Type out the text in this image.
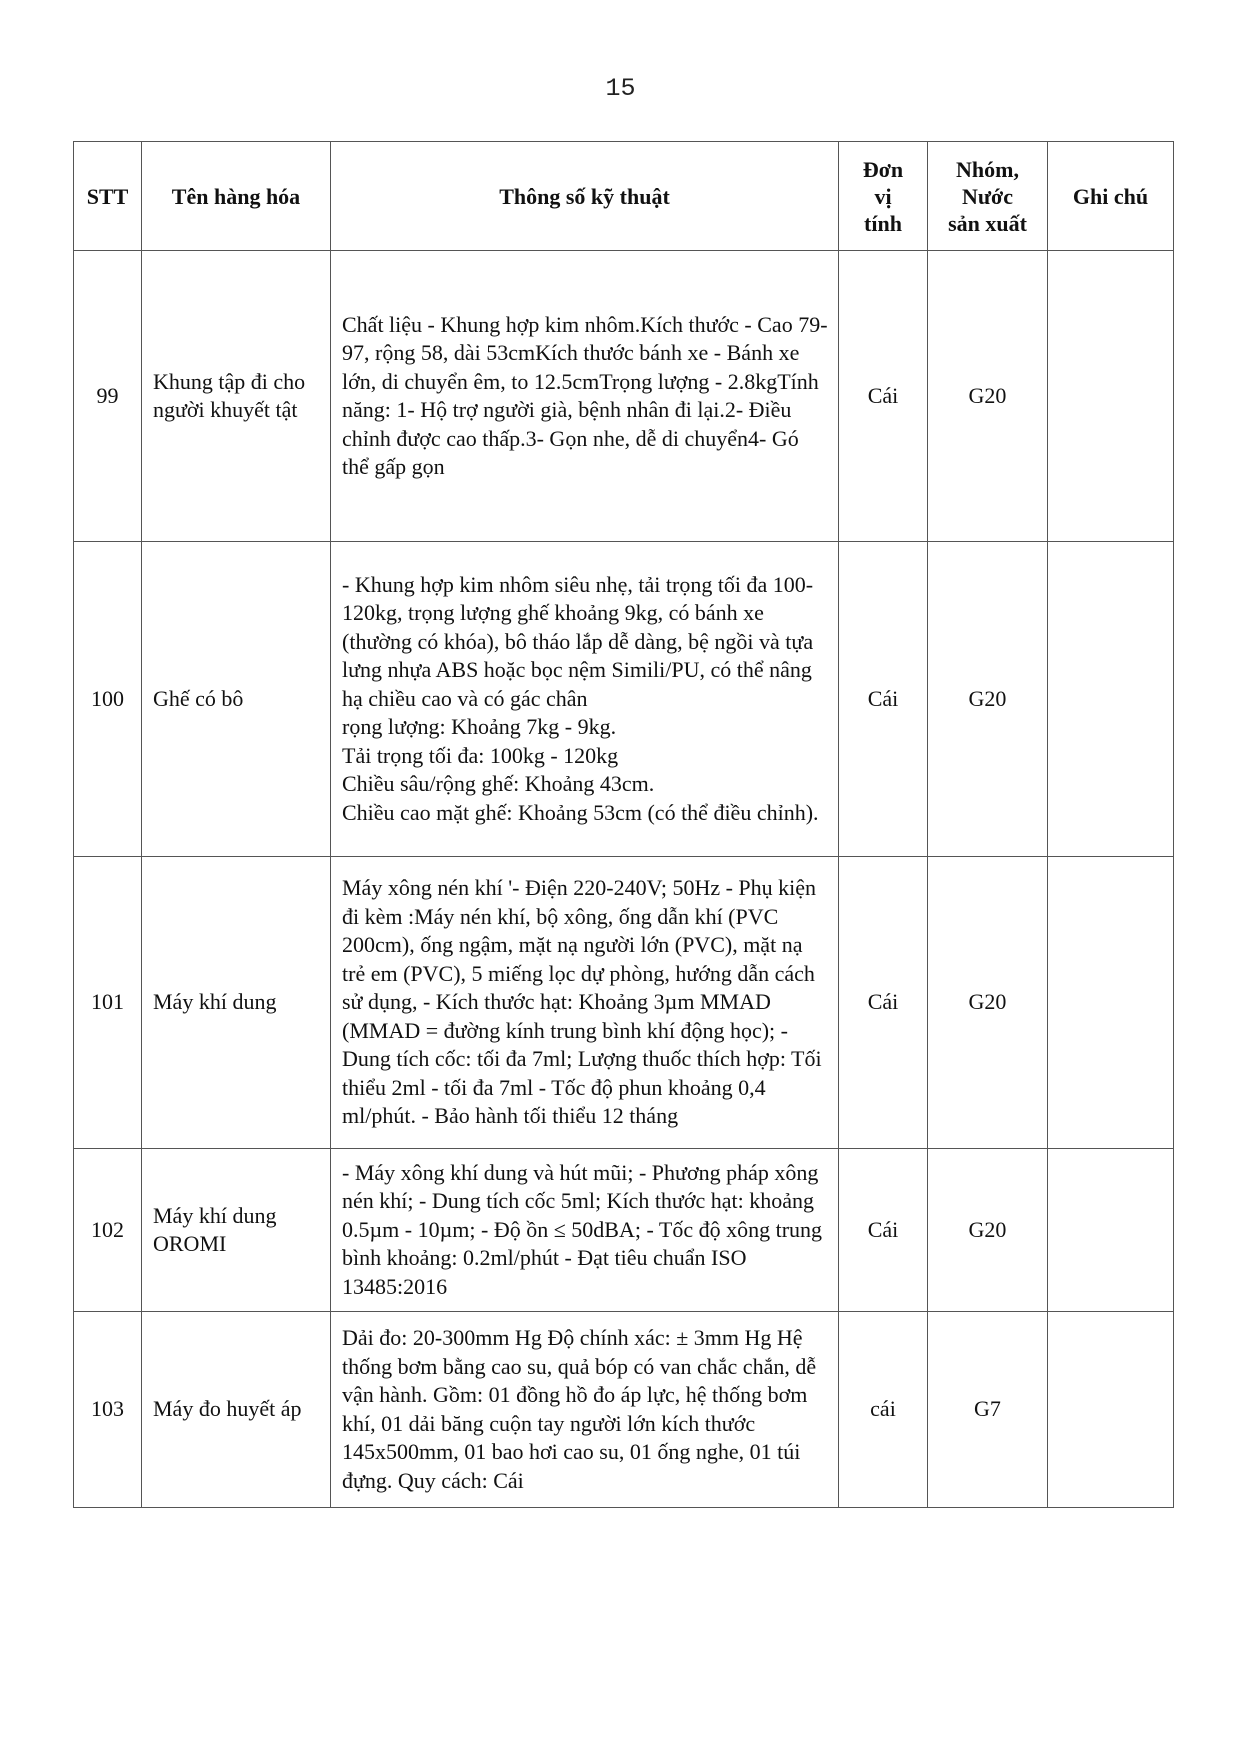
15
STT	Tên hàng hóa	Thông số kỹ thuật	Đơn
vị
tính	Nhóm,
Nước
sản xuất	Ghi chú
99	Khung tập đi cho người khuyết tật	Chất liệu - Khung hợp kim nhôm.Kích thước - Cao 79-97, rộng 58, dài 53cmKích thước bánh xe - Bánh xe lớn, di chuyển êm, to 12.5cmTrọng lượng - 2.8kgTính năng: 1- Hộ trợ người già, bệnh nhân đi lại.2- Điều chỉnh được cao thấp.3- Gọn nhe, dễ di chuyển4- Gó thể gấp gọn	Cái	G20	
100	Ghế có bô	- Khung hợp kim nhôm siêu nhẹ, tải trọng tối đa 100-120kg, trọng lượng ghế khoảng 9kg, có bánh xe (thường có khóa), bô tháo lắp dễ dàng, bệ ngồi và tựa lưng nhựa ABS hoặc bọc nệm Simili/PU, có thể nâng hạ chiều cao và có gác chân
rọng lượng: Khoảng 7kg - 9kg.
Tải trọng tối đa: 100kg - 120kg
Chiều sâu/rộng ghế: Khoảng 43cm.
Chiều cao mặt ghế: Khoảng 53cm (có thể điều chỉnh).	Cái	G20	
101	Máy khí dung	Máy xông nén khí '- Điện 220-240V; 50Hz - Phụ kiện đi kèm :Máy nén khí, bộ xông, ống dẫn khí (PVC 200cm), ống ngậm, mặt nạ người lớn (PVC), mặt nạ trẻ em (PVC), 5 miếng lọc dự phòng, hướng dẫn cách sử dụng, - Kích thước hạt: Khoảng 3µm MMAD (MMAD = đường kính trung bình khí động học); - Dung tích cốc: tối đa 7ml; Lượng thuốc thích hợp: Tối thiểu 2ml - tối đa 7ml - Tốc độ phun khoảng 0,4 ml/phút. - Bảo hành tối thiểu 12 tháng	Cái	G20	
102	Máy khí dung OROMI	- Máy xông khí dung và hút mũi; - Phương pháp xông nén khí; - Dung tích cốc 5ml; Kích thước hạt: khoảng 0.5µm - 10µm; - Độ ồn ≤ 50dBA; - Tốc độ xông trung bình khoảng: 0.2ml/phút - Đạt tiêu chuẩn ISO 13485:2016	Cái	G20	
103	Máy đo huyết áp	Dải đo: 20-300mm Hg Độ chính xác: ± 3mm Hg Hệ thống bơm bằng cao su, quả bóp có van chắc chắn, dễ vận hành. Gồm: 01 đồng hồ đo áp lực, hệ thống bơm khí, 01 dải băng cuộn tay người lớn kích thước 145x500mm, 01 bao hơi cao su, 01 ống nghe, 01 túi đựng. Quy cách: Cái	cái	G7	
